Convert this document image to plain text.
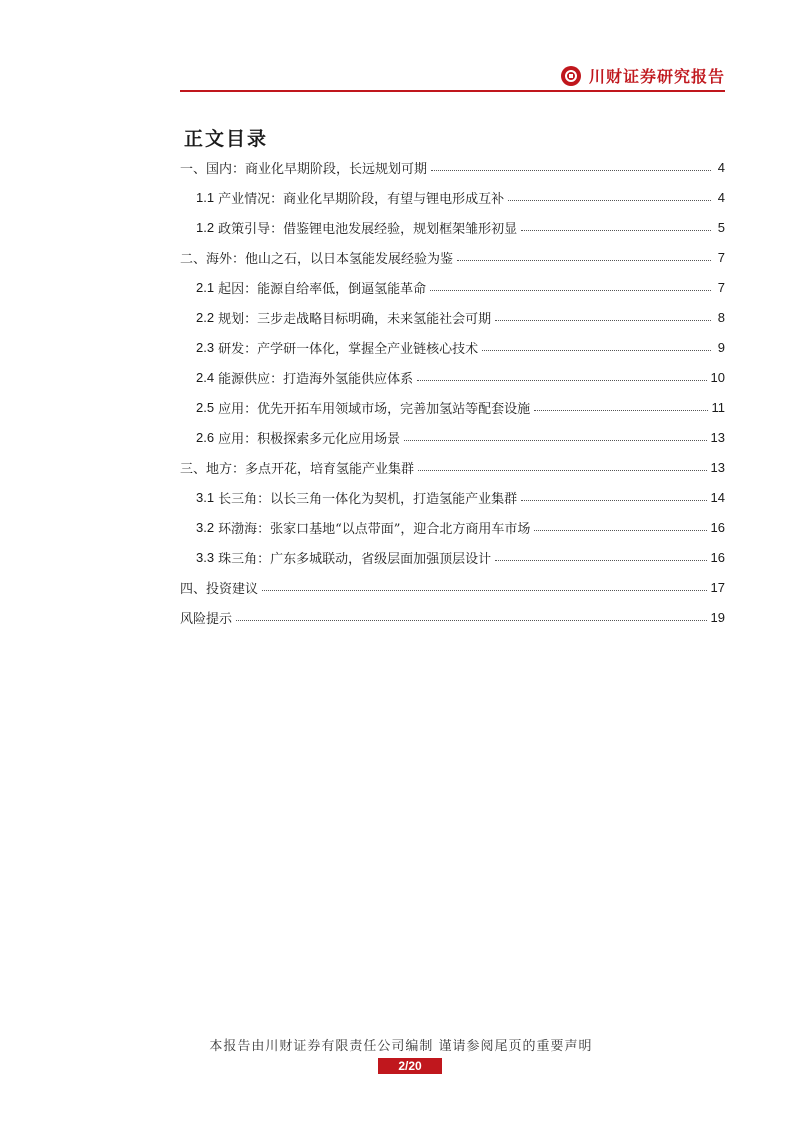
川财证券研究报告
正文目录
一、国内：商业化早期阶段，长远规划可期	4
1.1 产业情况：商业化早期阶段，有望与锂电形成互补	4
1.2 政策引导：借鉴锂电池发展经验，规划框架雏形初显	5
二、海外：他山之石，以日本氢能发展经验为鉴	7
2.1 起因：能源自给率低，倒逼氢能革命	7
2.2 规划：三步走战略目标明确，未来氢能社会可期	8
2.3 研发：产学研一体化，掌握全产业链核心技术	9
2.4 能源供应：打造海外氢能供应体系	10
2.5 应用：优先开拓车用领域市场，完善加氢站等配套设施	11
2.6 应用：积极探索多元化应用场景	13
三、地方：多点开花，培育氢能产业集群	13
3.1 长三角：以长三角一体化为契机，打造氢能产业集群	14
3.2 环渤海：张家口基地“以点带面”，迎合北方商用车市场	16
3.3 珠三角：广东多城联动，省级层面加强顶层设计	16
四、投资建议	17
风险提示	19
本报告由川财证券有限责任公司编制 谨请参阅尾页的重要声明
2/20
